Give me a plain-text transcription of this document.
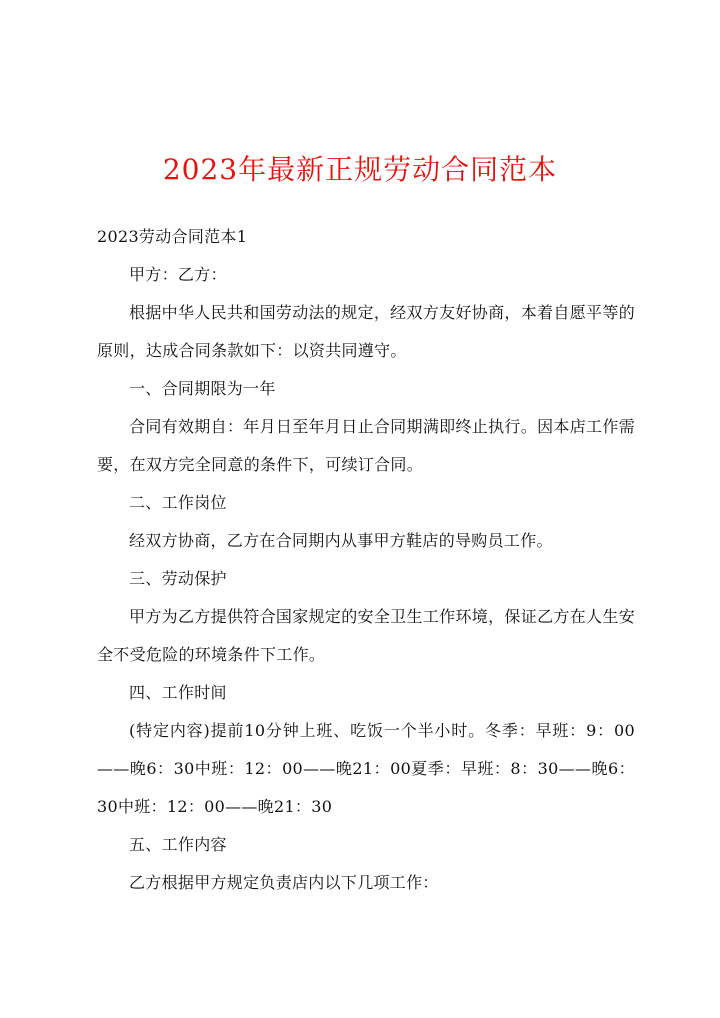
2023年最新正规劳动合同范本

2023劳动合同范本1

甲方：乙方：

根据中华人民共和国劳动法的规定，经双方友好协商，本着自愿平等的原则，达成合同条款如下：以资共同遵守。

一、合同期限为一年

合同有效期自：年月日至年月日止合同期满即终止执行。因本店工作需要，在双方完全同意的条件下，可续订合同。

二、工作岗位

经双方协商，乙方在合同期内从事甲方鞋店的导购员工作。

三、劳动保护

甲方为乙方提供符合国家规定的安全卫生工作环境，保证乙方在人生安全不受危险的环境条件下工作。

四、工作时间

(特定内容)提前10分钟上班、吃饭一个半小时。冬季：早班：9：00——晚6：30中班：12：00——晚21：00夏季：早班：8：30——晚6：30中班：12：00——晚21：30

五、工作内容

乙方根据甲方规定负责店内以下几项工作：
